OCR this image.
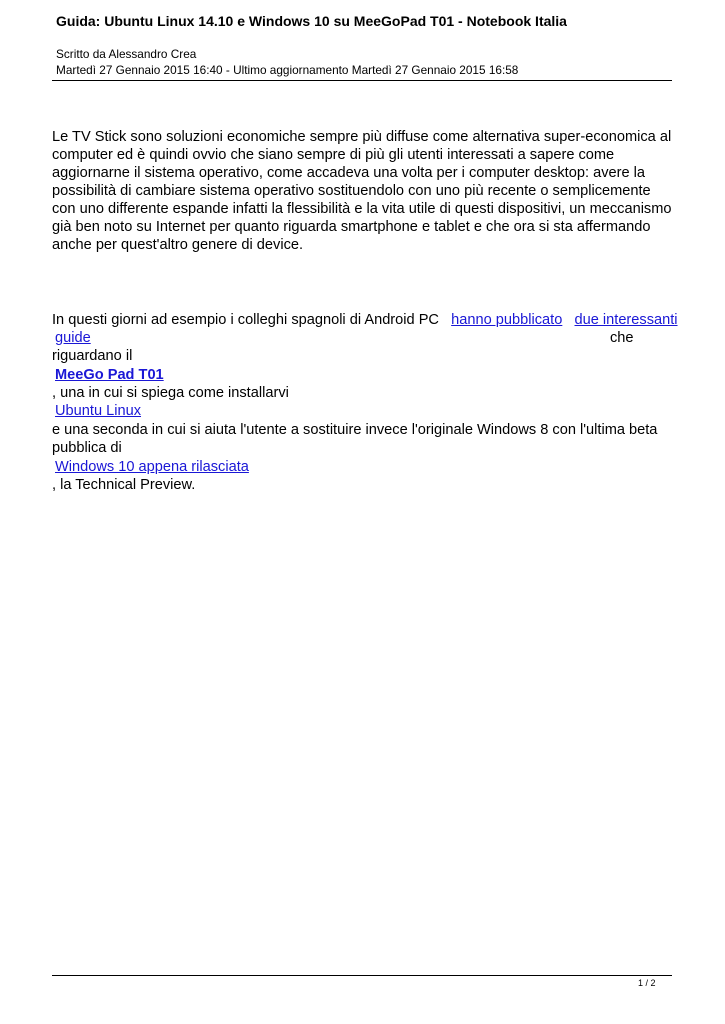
Guida: Ubuntu Linux 14.10 e Windows 10 su MeeGoPad T01 - Notebook Italia
Scritto da Alessandro Crea
Martedì 27 Gennaio 2015 16:40 - Ultimo aggiornamento Martedì 27 Gennaio 2015 16:58
Le TV Stick sono soluzioni economiche sempre più diffuse come alternativa super-economica al
computer ed è quindi ovvio che siano sempre di più gli utenti interessati a sapere come
aggiornarne il sistema operativo, come accadeva una volta per i computer desktop: avere la
possibilità di cambiare sistema operativo sostituendolo con uno più recente o semplicemente
con uno differente espande infatti la flessibilità e la vita utile di questi dispositivi, un meccanismo
già ben noto su Internet per quanto riguarda smartphone e tablet e che ora si sta affermando
anche per quest'altro genere di device.
In questi giorni ad esempio i colleghi spagnoli di Android PC hanno pubblicato due interessanti
guide	che
riguardano il
MeeGo Pad T01
, una in cui si spiega come installarvi
Ubuntu Linux
e una seconda in cui si aiuta l'utente a sostituire invece l'originale Windows 8 con l'ultima beta
pubblica di
Windows 10 appena rilasciata
, la Technical Preview.
1 / 2
